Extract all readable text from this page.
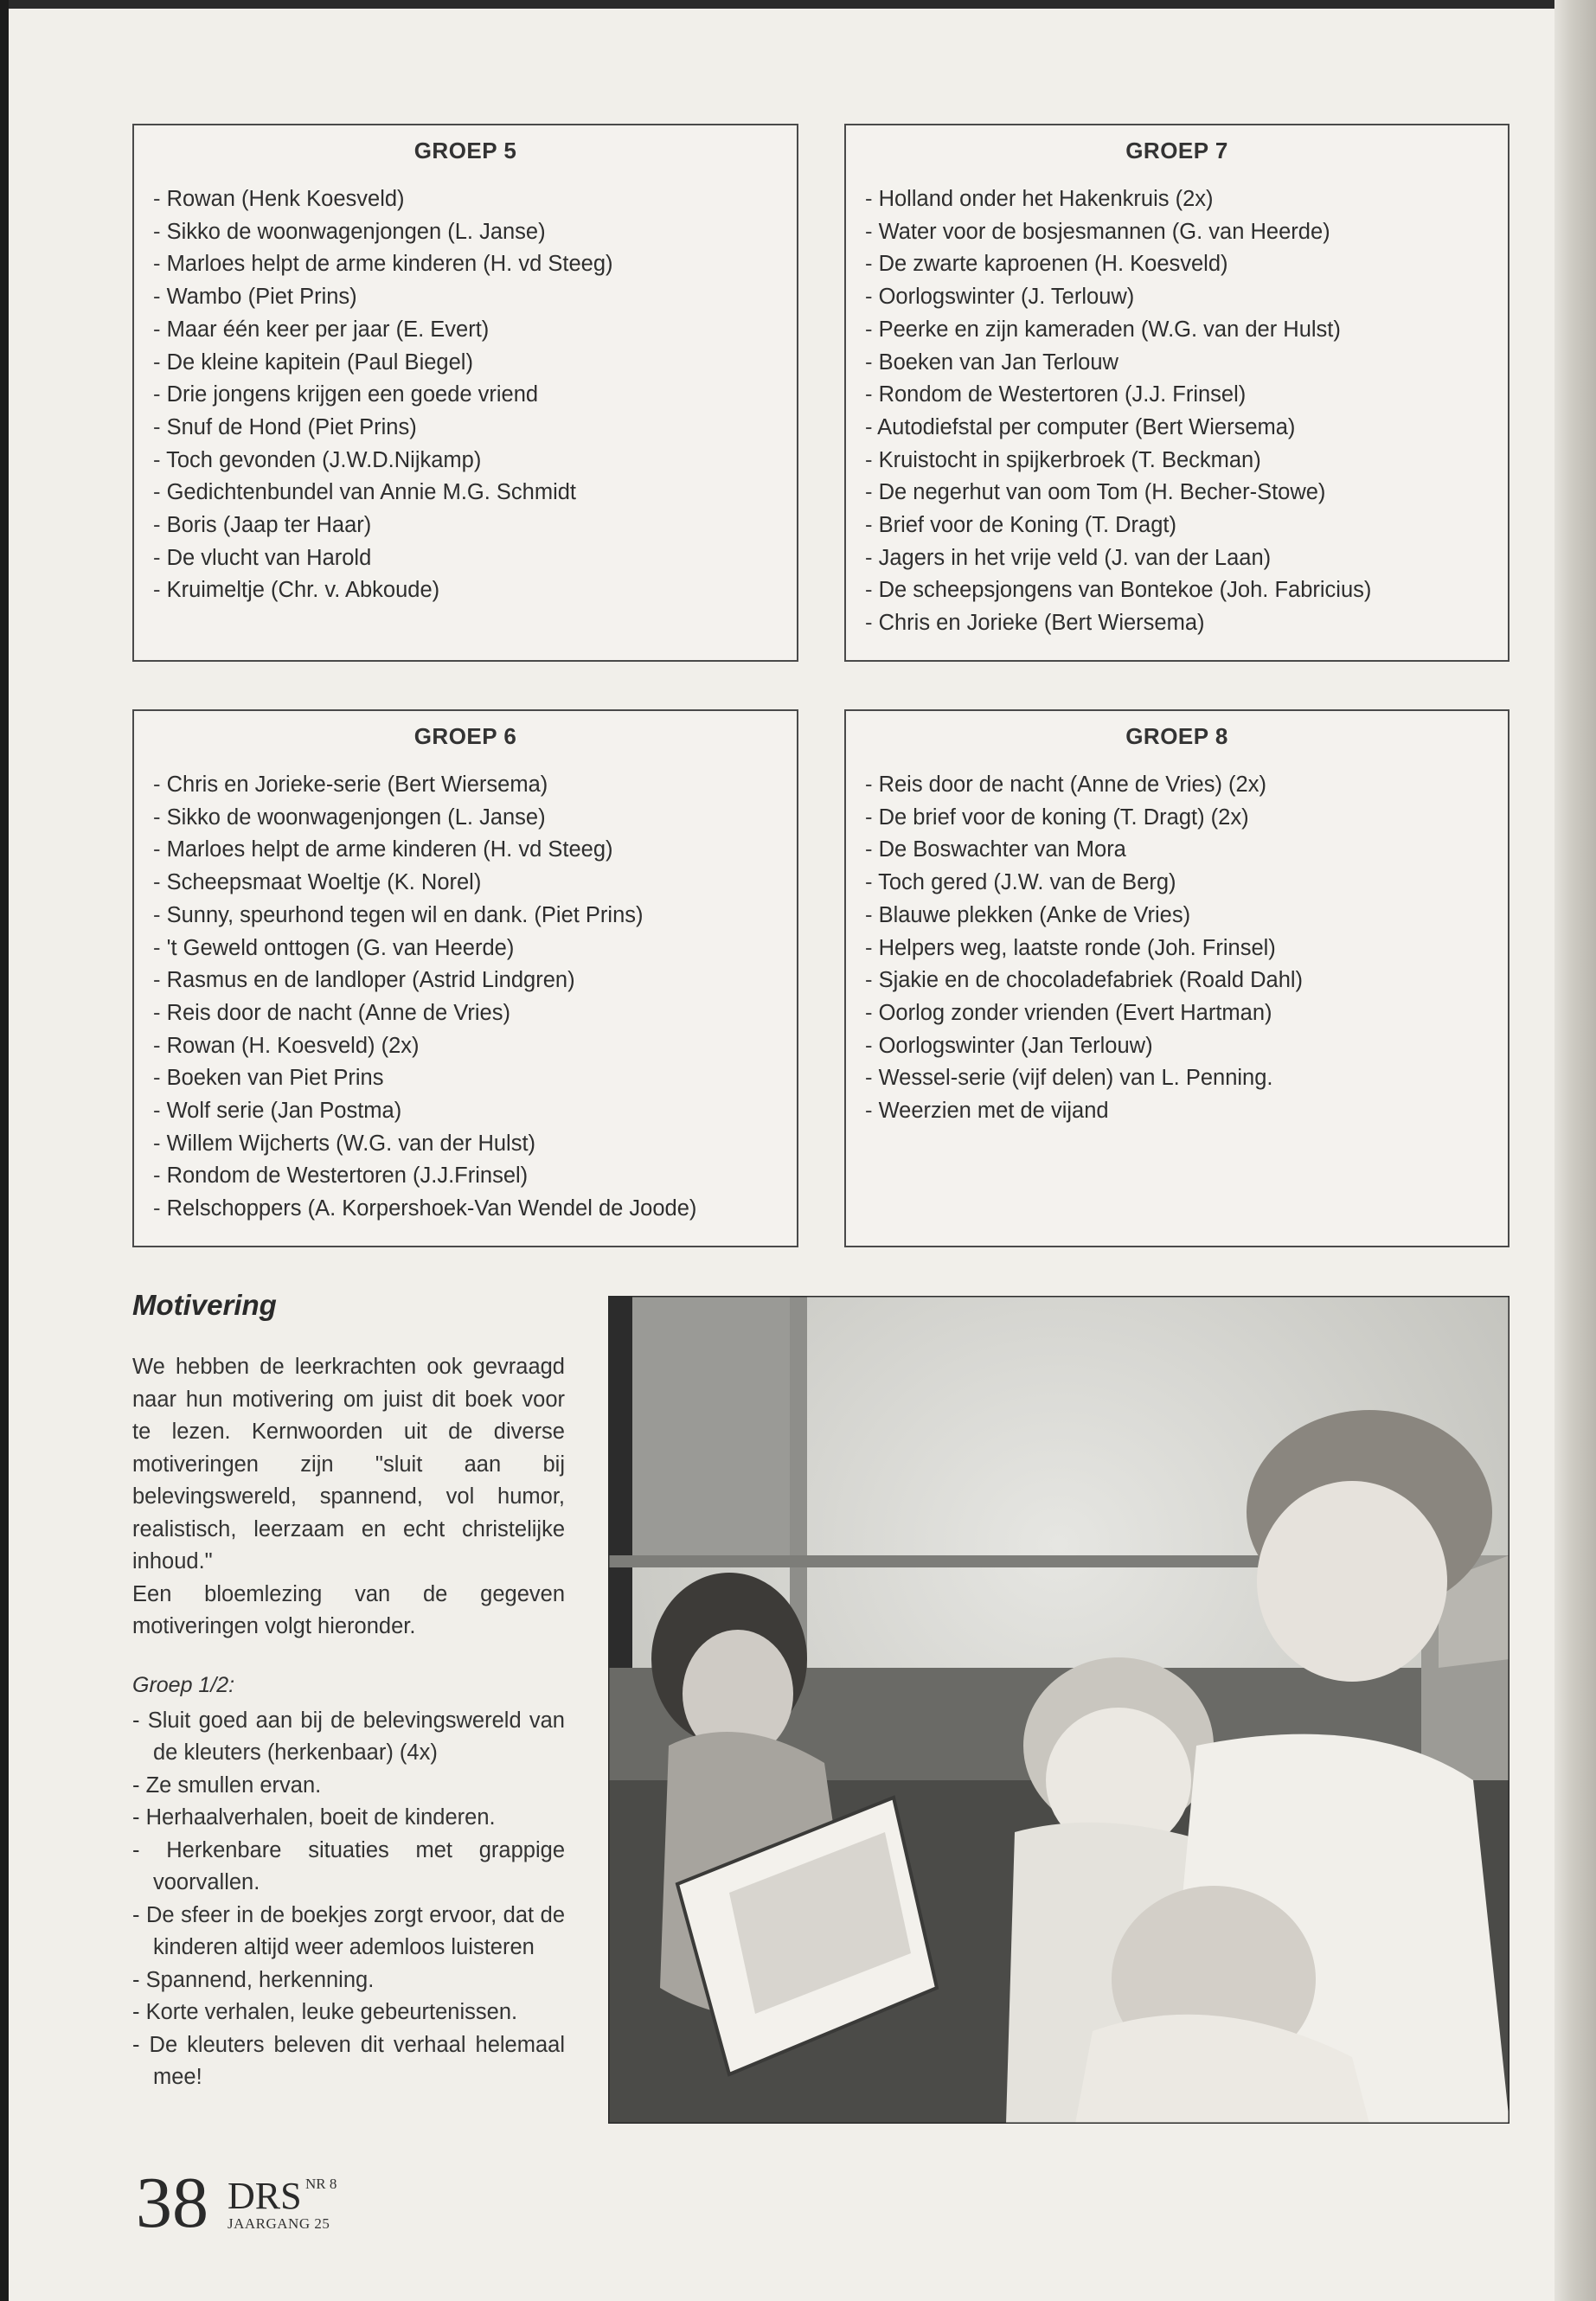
GROEP 5
- Rowan (Henk Koesveld)
- Sikko de woonwagenjongen (L. Janse)
- Marloes helpt de arme kinderen (H. vd Steeg)
- Wambo (Piet Prins)
- Maar één keer per jaar (E. Evert)
- De kleine kapitein (Paul Biegel)
- Drie jongens krijgen een goede vriend
- Snuf de Hond (Piet Prins)
- Toch gevonden (J.W.D.Nijkamp)
- Gedichtenbundel van Annie M.G. Schmidt
- Boris (Jaap ter Haar)
- De vlucht van Harold
- Kruimeltje (Chr. v. Abkoude)
GROEP 7
- Holland onder het Hakenkruis (2x)
- Water voor de bosjesmannen (G. van Heerde)
- De zwarte kaproenen (H. Koesveld)
- Oorlogswinter (J. Terlouw)
- Peerke en zijn kameraden (W.G. van der Hulst)
- Boeken van Jan Terlouw
- Rondom de Westertoren (J.J. Frinsel)
- Autodiefstal per computer (Bert Wiersema)
- Kruistocht in spijkerbroek (T. Beckman)
- De negerhut van oom Tom (H. Becher-Stowe)
- Brief voor de Koning (T. Dragt)
- Jagers in het vrije veld (J. van der Laan)
- De scheepsjongens van Bontekoe (Joh. Fabricius)
- Chris en Jorieke (Bert Wiersema)
GROEP 6
- Chris en Jorieke-serie (Bert Wiersema)
- Sikko de woonwagenjongen (L. Janse)
- Marloes helpt de arme kinderen (H. vd Steeg)
- Scheepsmaat Woeltje (K. Norel)
- Sunny, speurhond tegen wil en dank. (Piet Prins)
- 't Geweld onttogen (G. van Heerde)
- Rasmus en de landloper (Astrid Lindgren)
- Reis door de nacht (Anne de Vries)
- Rowan (H. Koesveld) (2x)
- Boeken van Piet Prins
- Wolf serie (Jan Postma)
- Willem Wijcherts (W.G. van der Hulst)
- Rondom de Westertoren (J.J.Frinsel)
- Relschoppers (A. Korpershoek-Van Wendel de Joode)
GROEP 8
- Reis door de nacht (Anne de Vries) (2x)
- De brief voor de koning (T. Dragt) (2x)
- De Boswachter van Mora
- Toch gered (J.W. van de Berg)
- Blauwe plekken (Anke de Vries)
- Helpers weg, laatste ronde (Joh. Frinsel)
- Sjakie en de chocoladefabriek (Roald Dahl)
- Oorlog zonder vrienden (Evert Hartman)
- Oorlogswinter (Jan Terlouw)
- Wessel-serie (vijf delen) van L. Penning.
- Weerzien met de vijand
Motivering

We hebben de leerkrachten ook gevraagd naar hun motivering om juist dit boek voor te lezen. Kernwoorden uit de diverse motiveringen zijn "sluit aan bij belevingswereld, spannend, vol humor, realistisch, leerzaam en echt christelijke inhoud."

Een bloemlezing van de gegeven motiveringen volgt hieronder.

Groep 1/2:
- Sluit goed aan bij de belevingswereld van de kleuters (herkenbaar) (4x)
- Ze smullen ervan.
- Herhaalverhalen, boeit de kinderen.
- Herkenbare situaties met grappige voorvallen.
- De sfeer in de boekjes zorgt ervoor, dat de kinderen altijd weer ademloos luisteren
- Spannend, herkenning.
- Korte verhalen, leuke gebeurtenissen.
- De kleuters beleven dit verhaal helemaal mee!
38 DRS NR 8
JAARGANG 25
